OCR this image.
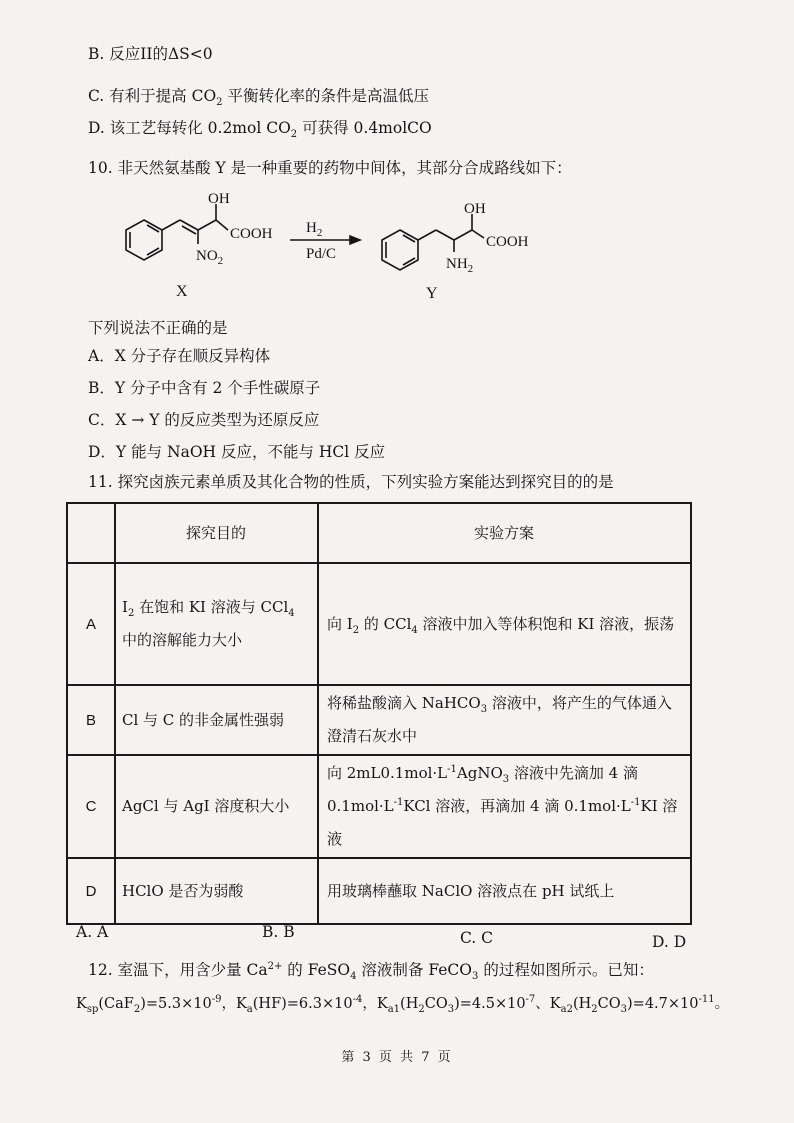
B. 反应II的ΔS<0
C. 有利于提高 $CO_2$ 平衡转化率的条件是高温低压
D. 该工艺每转化 0.2mol $CO_2$ 可获得 0.4molCO
10. 非天然氨基酸 Y 是一种重要的药物中间体，其部分合成路线如下：
OH
COOH
$NO_2$
$H_2$
Pd/C
OH
COOH
$NH_2$
X	Y
下列说法不正确的是
A．X 分子存在顺反异构体
B．Y 分子中含有 2 个手性碳原子
C．X → Y 的反应类型为还原反应
D．Y 能与 NaOH 反应，不能与 HCl 反应
11. 探究卤族元素单质及其化合物的性质，下列实验方案能达到探究目的的是
	探究目的	实验方案
A	$I_2$ 在饱和 KI 溶液与 CCl$_4$
中的溶解能力大小	向 $I_2$ 的 CCl$_4$ 溶液中加入等体积饱和 KI 溶液，振荡
B	Cl 与 C 的非金属性强弱	将稀盐酸滴入 NaHCO$_3$ 溶液中，将产生的气体通入
澄清石灰水中

C	AgCl 与 AgI 溶度积大小	向 $2mL0.1mol\cdot L^{-1}AgNO_3$ 溶液中先滴加 4 滴
$0.1mol\cdot L^{-1}KCl$ 溶液，再滴加 4 滴 $0.1mol\cdot L^{-1}KI$ 溶液

D	HClO 是否为弱酸	用玻璃棒蘸取 NaClO 溶液点在 pH 试纸上
A. A	B. B	C. C	D. D
12. 室温下，用含少量 $Ca^{2+}$ 的 FeSO$_4$ 溶液制备 FeCO$_3$ 的过程如图所示。已知：
$K_{sp}(CaF_2)=5.3\times 10^{-9}$，$K_a(HF)=6.3\times 10^{-4}$，$K_{a1}(H_2CO_3)=4.5\times 10^{-7}$、$K_{a2}(H_2CO_3)=4.7\times 10^{-11}$。
第 3 页 共 7 页
